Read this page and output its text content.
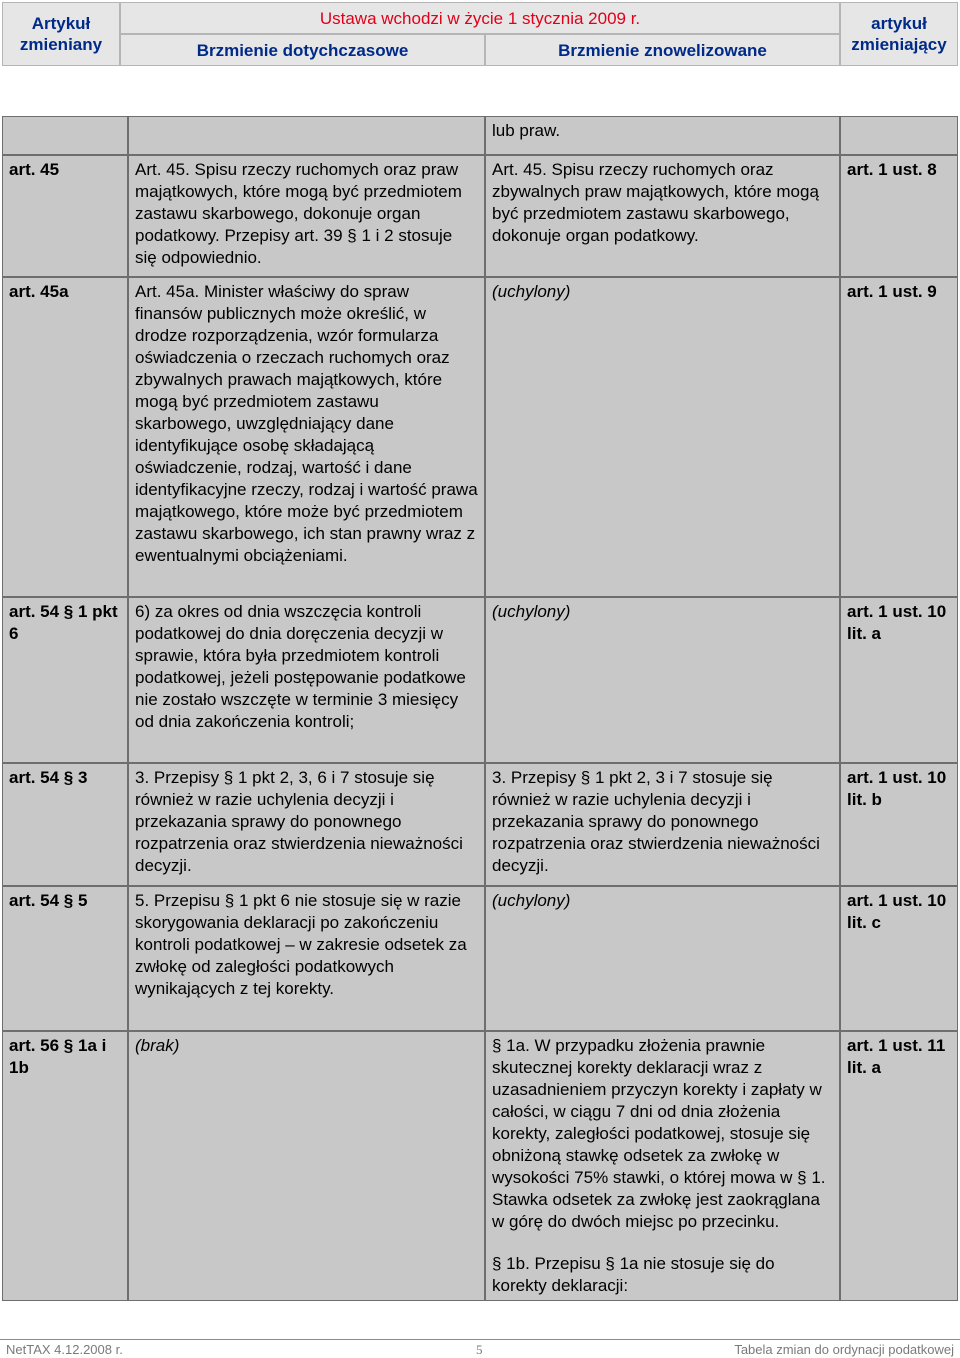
Artykuł zmieniany
Ustawa wchodzi w życie 1 stycznia 2009 r.
Brzmienie dotychczasowe	Brzmienie znowelizowane
artykuł zmieniający
		lub praw.	
art. 45	Art. 45. Spisu rzeczy ruchomych oraz praw majątkowych, które mogą być przedmiotem zastawu skarbowego, dokonuje organ podatkowy. Przepisy art. 39 § 1 i 2 stosuje się odpowiednio.	Art. 45. Spisu rzeczy ruchomych oraz zbywalnych praw majątkowych, które mogą być przedmiotem zastawu skarbowego, dokonuje organ podatkowy.	art. 1 ust. 8
art. 45a	Art. 45a. Minister właściwy do spraw finansów publicznych może określić, w drodze rozporządzenia, wzór formularza oświadczenia o rzeczach ruchomych oraz zbywalnych prawach majątkowych, które mogą być przedmiotem zastawu skarbowego, uwzględniający dane identyfikujące osobę składającą oświadczenie, rodzaj, wartość i dane identyfikacyjne rzeczy, rodzaj i wartość prawa majątkowego, które może być przedmiotem zastawu skarbowego, ich stan prawny wraz z ewentualnymi obciążeniami.	(uchylony)	art. 1 ust. 9
art. 54 § 1 pkt 6	6) za okres od dnia wszczęcia kontroli podatkowej do dnia doręczenia decyzji w sprawie, która była przedmiotem kontroli podatkowej, jeżeli postępowanie podatkowe nie zostało wszczęte w terminie 3 miesięcy od dnia zakończenia kontroli;	(uchylony)	art. 1 ust. 10 lit. a
art. 54 § 3	3. Przepisy § 1 pkt 2, 3, 6 i 7 stosuje się również w razie uchylenia decyzji i przekazania sprawy do ponownego rozpatrzenia oraz stwierdzenia nieważności decyzji.	3. Przepisy § 1 pkt 2, 3 i 7 stosuje się również w razie uchylenia decyzji i przekazania sprawy do ponownego rozpatrzenia oraz stwierdzenia nieważności decyzji.	art. 1 ust. 10 lit. b
art. 54 § 5	5. Przepisu § 1 pkt 6 nie stosuje się w razie skorygowania deklaracji po zakończeniu kontroli podatkowej – w zakresie odsetek za zwłokę od zaległości podatkowych wynikających z tej korekty.	(uchylony)	art. 1 ust. 10 lit. c
art. 56 § 1a i 1b	(brak)	§ 1a. W przypadku złożenia prawnie skutecznej korekty deklaracji wraz z uzasadnieniem przyczyn korekty i zapłaty w całości, w ciągu 7 dni od dnia złożenia korekty, zaległości podatkowej, stosuje się obniżoną stawkę odsetek za zwłokę w wysokości 75% stawki, o której mowa w § 1. Stawka odsetek za zwłokę jest zaokrąglana w górę do dwóch miejsc po przecinku.

§ 1b. Przepisu § 1a nie stosuje się do korekty deklaracji:	art. 1 ust. 11 lit. a
NetTAX 4.12.2008 r.	5	Tabela zmian do ordynacji podatkowej
